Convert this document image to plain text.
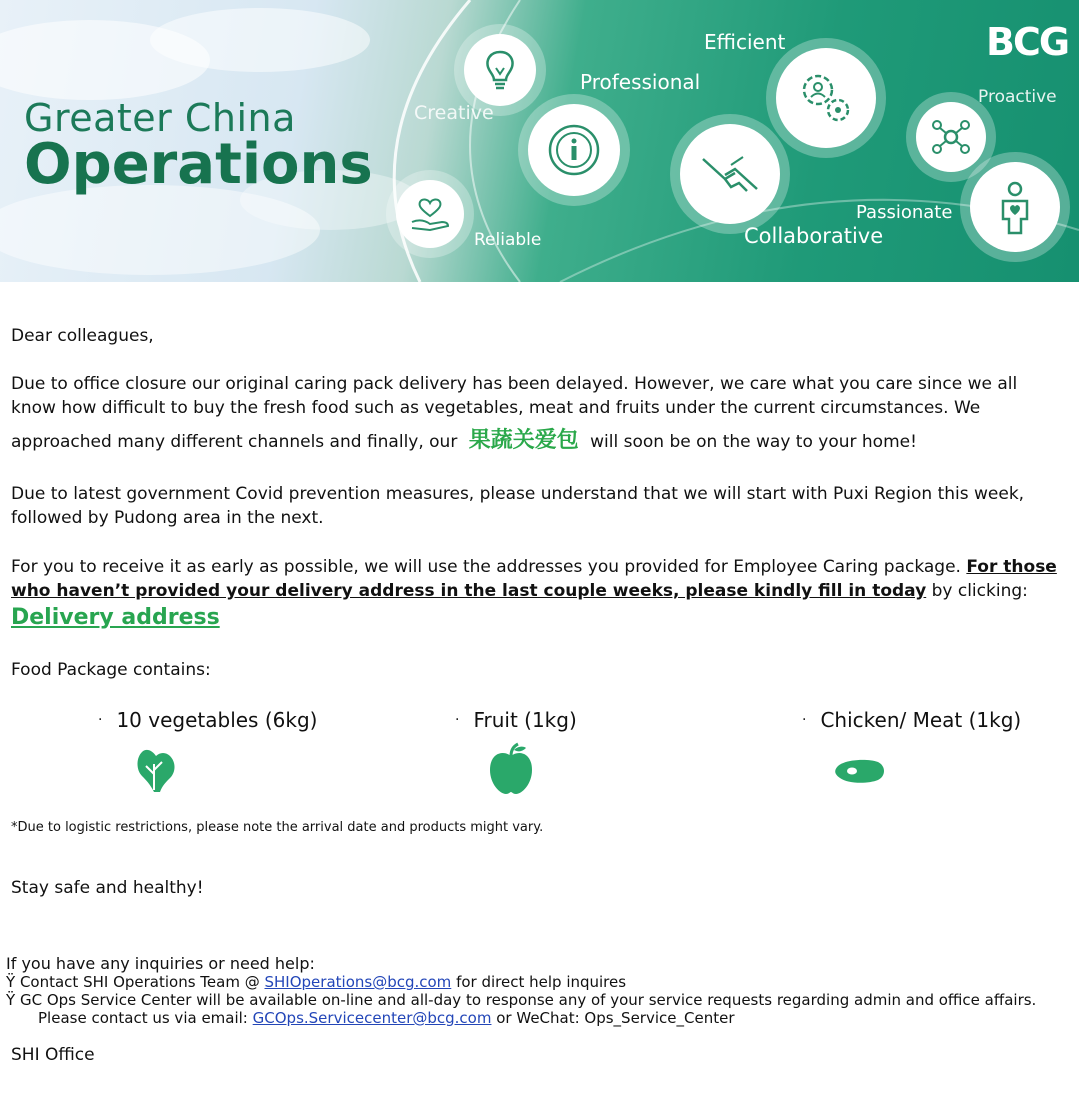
Greater China
Operations
BCG
Efficient
Professional
Creative
Proactive
Reliable	Collaborative
Passionate
Dear colleagues,
Due to office closure our original caring pack delivery has been delayed. However, we care what you care since we all
know how difficult to buy the fresh food such as vegetables, meat and fruits under the current circumstances. We
approached many different channels and finally, our 果蔬关爱包 will soon be on the way to your home!
Due to latest government Covid prevention measures, please understand that we will start with Puxi Region this week,
followed by Pudong area in the next.
For you to receive it as early as possible, we will use the addresses you provided for Employee Caring package. For those
who haven’t provided your delivery address in the last couple weeks, please kindly fill in today by clicking:
Delivery address
Food Package contains:
· 10 vegetables (6kg)	· Fruit (1kg)	· Chicken/ Meat (1kg)
*Due to logistic restrictions, please note the arrival date and products might vary.
Stay safe and healthy!
If you have any inquiries or need help:
Ÿ Contact SHI Operations Team @ SHIOperations@bcg.com for direct help inquires
Ÿ GC Ops Service Center will be available on-line and all-day to response any of your service requests regarding admin and office affairs.
Please contact us via email: GCOps.Servicecenter@bcg.com or WeChat: Ops_Service_Center
SHI Office
